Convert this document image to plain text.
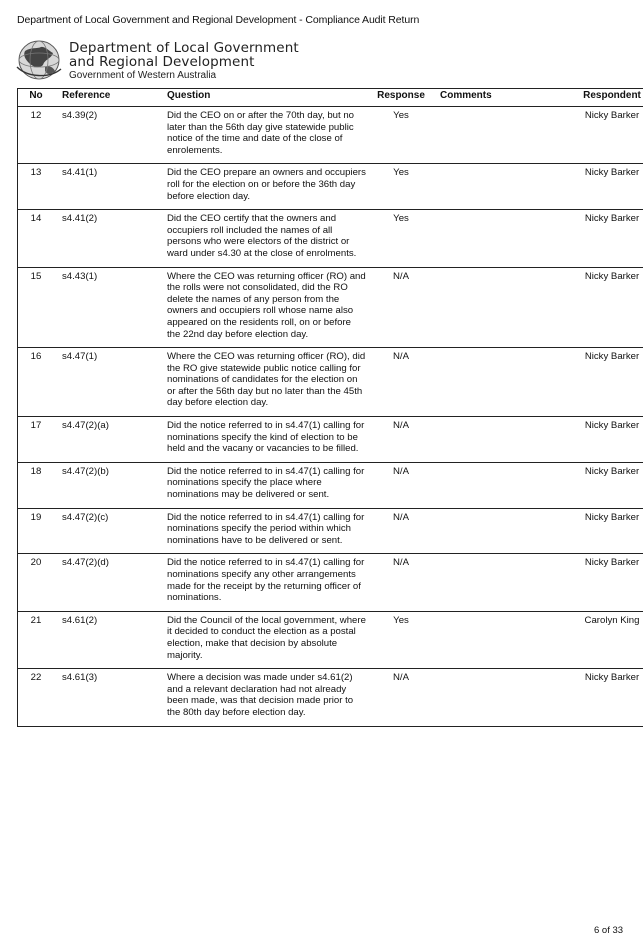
Department of Local Government and Regional Development - Compliance Audit Return
Department of Local Government
and Regional Development
Government of Western Australia
No	Reference	Question	Response	Comments	Respondent
12	s4.39(2)	Did the CEO on or after the 70th day, but no later than the 56th day give statewide public notice of the time and date of the close of enrolements.	Yes		Nicky Barker
13	s4.41(1)	Did the CEO prepare an owners and occupiers roll for the election on or before the 36th day before election day.	Yes		Nicky Barker
14	s4.41(2)	Did the CEO certify that the owners and occupiers roll included the names of all persons who were electors of the district or ward under s4.30 at the close of enrolments.	Yes		Nicky Barker
15	s4.43(1)	Where the CEO was returning officer (RO) and the rolls were not consolidated, did the RO delete the names of any person from the owners and occupiers roll whose name also appeared on the residents roll, on or before the 22nd day before election day.	N/A		Nicky Barker
16	s4.47(1)	Where the CEO was returning officer (RO), did the RO give statewide public notice calling for nominations of candidates for the election on or after the 56th day but no later than the 45th day before election day.	N/A		Nicky Barker
17	s4.47(2)(a)	Did the notice referred to in s4.47(1) calling for nominations specify the kind of election to be held and the vacany or vacancies to be filled.	N/A		Nicky Barker
18	s4.47(2)(b)	Did the notice referred to in s4.47(1) calling for nominations specify the place where nominations may be delivered or sent.	N/A		Nicky Barker
19	s4.47(2)(c)	Did the notice referred to in s4.47(1) calling for nominations specify the period within which nominations have to be delivered or sent.	N/A		Nicky Barker
20	s4.47(2)(d)	Did the notice referred to in s4.47(1) calling for nominations specify any other arrangements made for the receipt by the returning officer of nominations.	N/A		Nicky Barker
21	s4.61(2)	Did the Council of the local government, where it decided to conduct the election as a postal election, make that decision by absolute majority.	Yes		Carolyn King
22	s4.61(3)	Where a decision was made under s4.61(2) and a relevant declaration had not already been made, was that decision made prior to the 80th day before election day.	N/A		Nicky Barker
6 of 33
